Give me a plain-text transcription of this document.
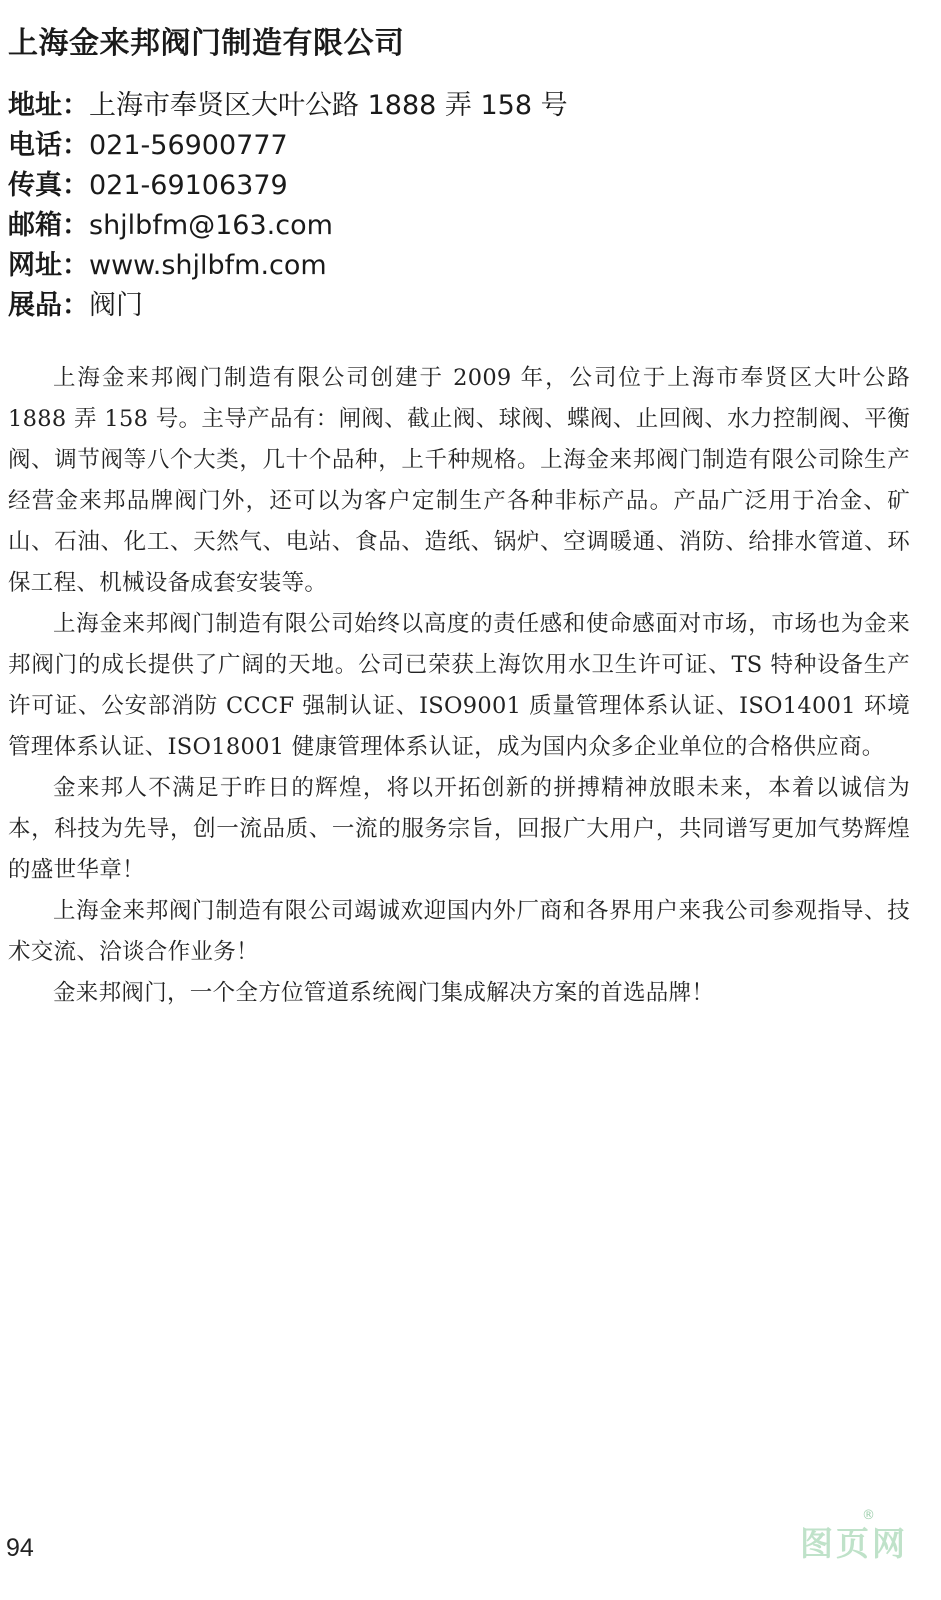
上海金来邦阀门制造有限公司
地址：上海市奉贤区大叶公路 1888 弄 158 号
电话：021-56900777
传真：021-69106379
邮箱：shjlbfm@163.com
网址：www.shjlbfm.com
展品：阀门

上海金来邦阀门制造有限公司创建于 2009 年，公司位于上海市奉贤区大叶公路 1888 弄 158 号。主导产品有：闸阀、截止阀、球阀、蝶阀、止回阀、水力控制阀、平衡阀、调节阀等八个大类，几十个品种，上千种规格。上海金来邦阀门制造有限公司除生产经营金来邦品牌阀门外，还可以为客户定制生产各种非标产品。产品广泛用于冶金、矿山、石油、化工、天然气、电站、食品、造纸、锅炉、空调暖通、消防、给排水管道、环保工程、机械设备成套安装等。

上海金来邦阀门制造有限公司始终以高度的责任感和使命感面对市场，市场也为金来邦阀门的成长提供了广阔的天地。公司已荣获上海饮用水卫生许可证、TS 特种设备生产许可证、公安部消防 CCCF 强制认证、ISO9001 质量管理体系认证、ISO14001 环境管理体系认证、ISO18001 健康管理体系认证，成为国内众多企业单位的合格供应商。

金来邦人不满足于昨日的辉煌，将以开拓创新的拼搏精神放眼未来，本着以诚信为本，科技为先导，创一流品质、一流的服务宗旨，回报广大用户，共同谱写更加气势辉煌的盛世华章！

上海金来邦阀门制造有限公司竭诚欢迎国内外厂商和各界用户来我公司参观指导、技术交流、洽谈合作业务！

金来邦阀门，一个全方位管道系统阀门集成解决方案的首选品牌！

94	图页网
®
